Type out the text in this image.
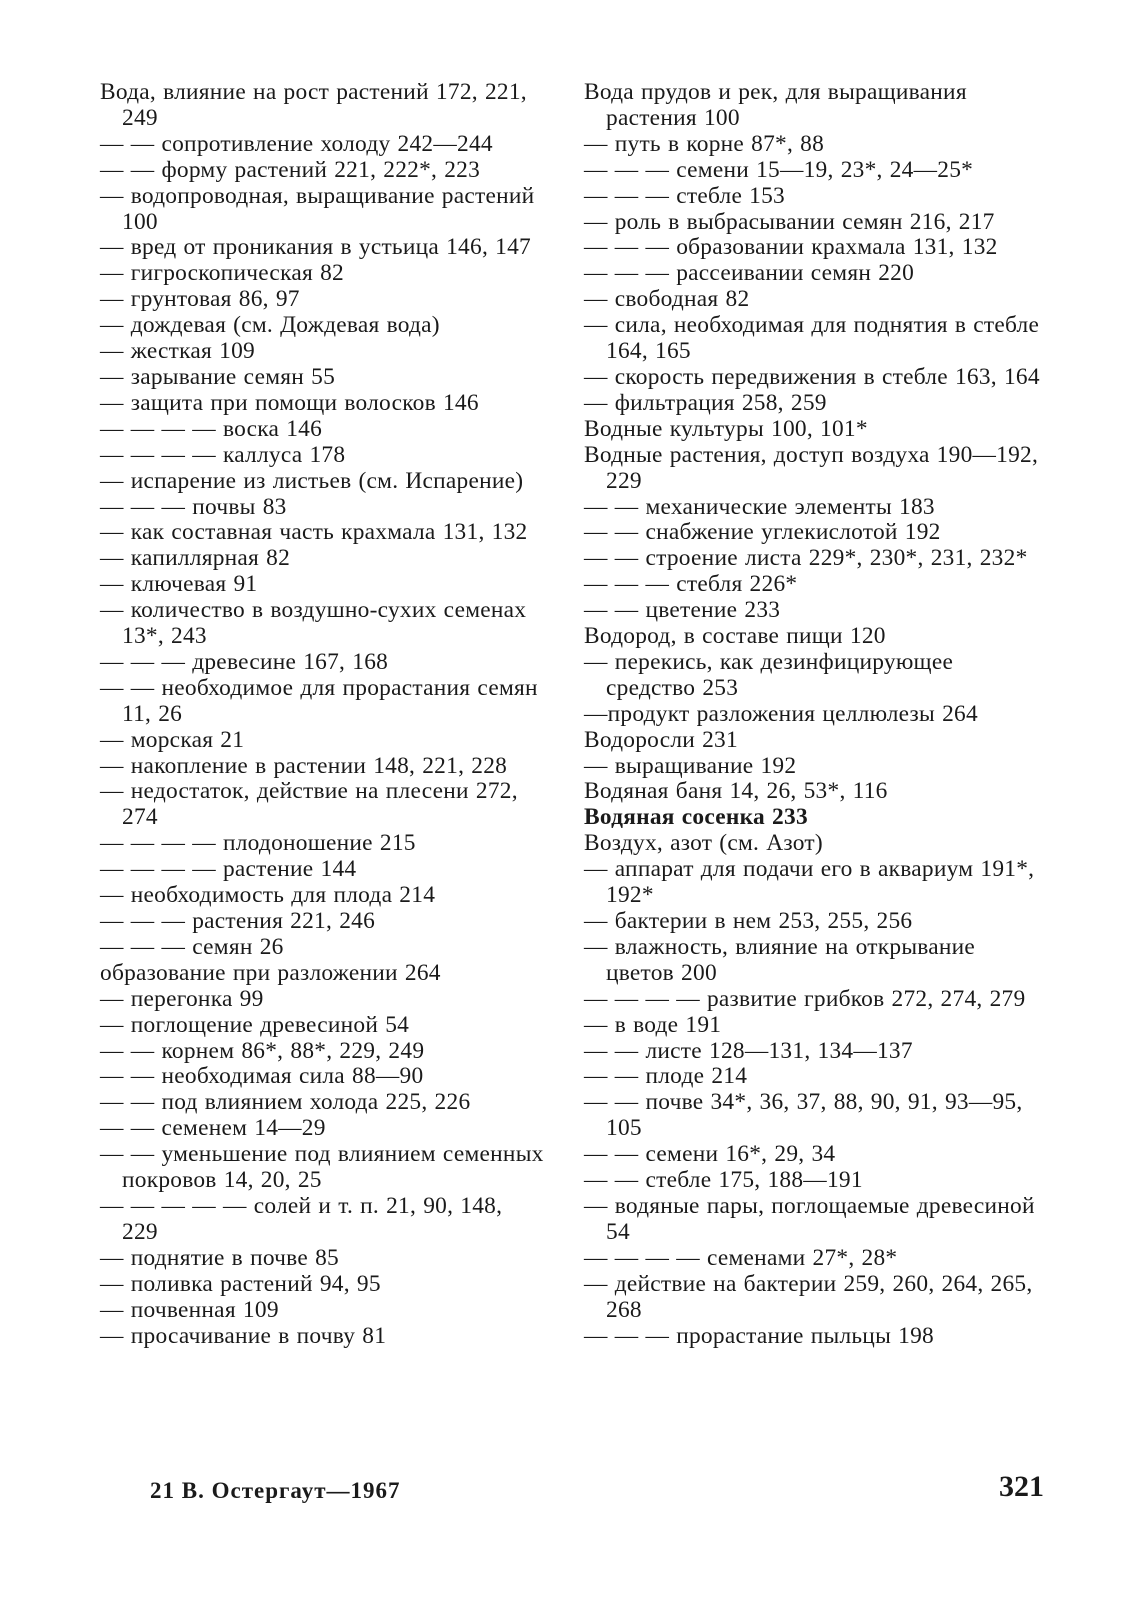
Вода, влияние на рост растений 172, 221, 249

— — сопротивление холоду 242—244

— — форму растений 221, 222*, 223

— водопроводная, выращивание растений 100

— вред от проникания в устьица 146, 147

— гигроскопическая 82

— грунтовая 86, 97

— дождевая (см. Дождевая вода)

— жесткая 109

— зарывание семян 55

— защита при помощи волосков 146

— — — — воска 146

— — — — каллуса 178

— испарение из листьев (см. Испарение)

— — — почвы 83

— как составная часть крахмала 131, 132

— капиллярная 82

— ключевая 91

— количество в воздушно-сухих семенах 13*, 243

— — — древесине 167, 168

— — необходимое для прорастания семян 11, 26

— морская 21

— накопление в растении 148, 221, 228

— недостаток, действие на плесени 272, 274

— — — — плодоношение 215

— — — — растение 144

— необходимость для плода 214

— — — растения 221, 246

— — — семян 26

образование при разложении 264

— перегонка 99

— поглощение древесиной 54

— — корнем 86*, 88*, 229, 249

— — необходимая сила 88—90

— — под влиянием холода 225, 226

— — семенем 14—29

— — уменьшение под влиянием семенных покровов 14, 20, 25

— — — — — солей и т. п. 21, 90, 148, 229

— поднятие в почве 85

— поливка растений 94, 95

— почвенная 109

— просачивание в почву 81

Вода прудов и рек, для выращивания растения 100

— путь в корне 87*, 88

— — — семени 15—19, 23*, 24—25*

— — — стебле 153

— роль в выбрасывании семян 216, 217

— — — образовании крахмала 131, 132

— — — рассеивании семян 220

— свободная 82

— сила, необходимая для поднятия в стебле 164, 165

— скорость передвижения в стебле 163, 164

— фильтрация 258, 259

Водные культуры 100, 101*

Водные растения, доступ воздуха 190—192, 229

— — механические элементы 183

— — снабжение углекислотой 192

— — строение листа 229*, 230*, 231, 232*

— — — стебля 226*

— — цветение 233

Водород, в составе пищи 120

— перекись, как дезинфицирующее средство 253

—продукт разложения целлюлезы 264

Водоросли 231

— выращивание 192

Водяная баня 14, 26, 53*, 116

Водяная сосенка 233

Воздух, азот (см. Азот)

— аппарат для подачи его в аквариум 191*, 192*

— бактерии в нем 253, 255, 256

— влажность, влияние на открывание цветов 200

— — — — развитие грибков 272, 274, 279

— в воде 191

— — листе 128—131, 134—137

— — плоде 214

— — почве 34*, 36, 37, 88, 90, 91, 93—95, 105

— — семени 16*, 29, 34

— — стебле 175, 188—191

— водяные пары, поглощаемые древесиной 54

— — — — семенами 27*, 28*

— действие на бактерии 259, 260, 264, 265, 268

— — — прорастание пыльцы 198

21 В. Остергаут—1967	321
